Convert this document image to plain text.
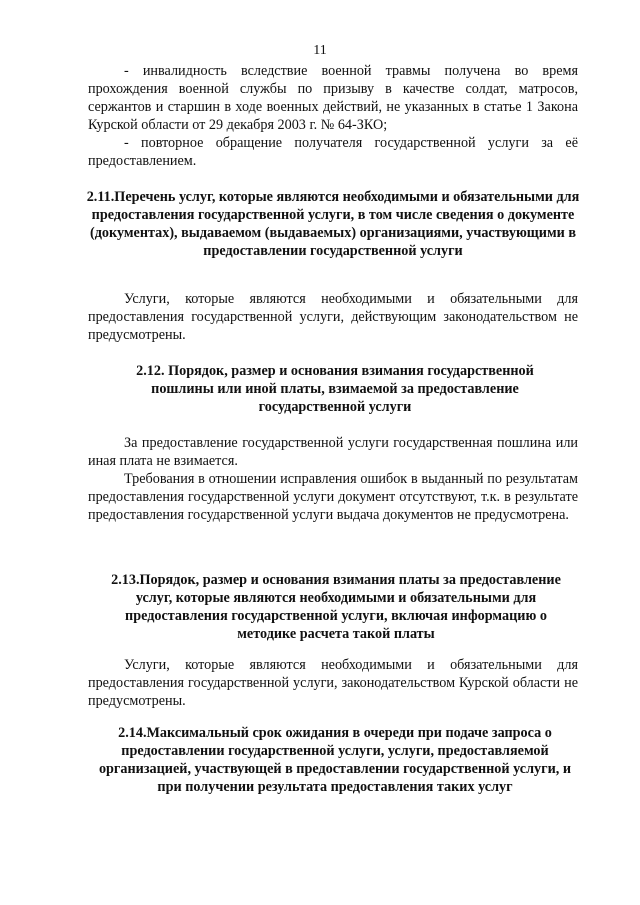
11

- инвалидность вследствие военной травмы получена во время прохождения военной службы по призыву в качестве солдат, матросов, сержантов и старшин в ходе военных действий, не указанных в статье 1 Закона Курской области от 29 декабря 2003 г. № 64-ЗКО;

- повторное обращение получателя государственной услуги за её предоставлением.

2.11.Перечень услуг, которые являются необходимыми и обязательными для предоставления государственной услуги, в том числе сведения о документе (документах), выдаваемом (выдаваемых) организациями, участвующими в предоставлении государственной услуги

Услуги, которые являются необходимыми и обязательными для предоставления государственной услуги, действующим законодательством не предусмотрены.

2.12. Порядок, размер и основания взимания государственной пошлины или иной платы, взимаемой за предоставление государственной услуги

За предоставление государственной услуги государственная пошлина или иная плата не взимается.

Требования в отношении исправления ошибок в выданный по результатам предоставления государственной услуги документ отсутствуют, т.к. в результате предоставления государственной услуги выдача документов не предусмотрена.

2.13.Порядок, размер и основания взимания платы за предоставление услуг, которые являются необходимыми и обязательными для предоставления государственной услуги, включая информацию о методике расчета такой платы

Услуги, которые являются необходимыми и обязательными для предоставления государственной услуги, законодательством Курской области не предусмотрены.

2.14.Максимальный срок ожидания в очереди при подаче запроса о предоставлении государственной услуги, услуги, предоставляемой организацией, участвующей в предоставлении государственной услуги, и при получении результата предоставления таких услуг
